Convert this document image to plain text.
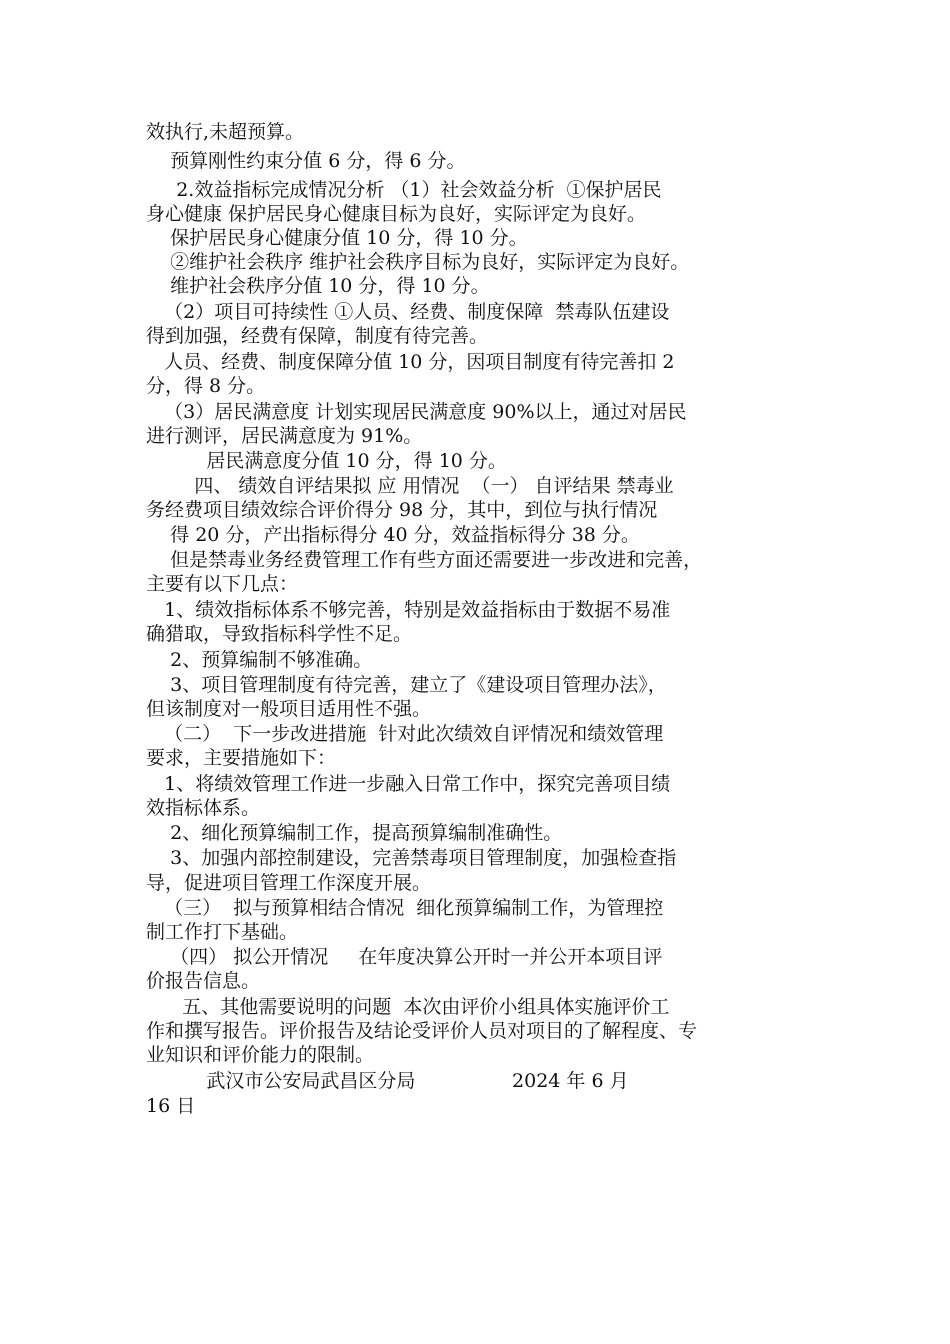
效执行,未超预算。
预算刚性约束分值 6 分，得 6 分。
2.效益指标完成情况分析 （1）社会效益分析  ①保护居民
身心健康 保护居民身心健康目标为良好，实际评定为良好。
保护居民身心健康分值 10 分，得 10 分。
②维护社会秩序 维护社会秩序目标为良好，实际评定为良好。
维护社会秩序分值 10 分，得 10 分。
（2）项目可持续性 ①人员、经费、制度保障  禁毒队伍建设
得到加强，经费有保障，制度有待完善。
人员、经费、制度保障分值 10 分，因项目制度有待完善扣 2
分，得 8 分。
（3）居民满意度 计划实现居民满意度 90%以上，通过对居民
进行测评，居民满意度为 91%。
居民满意度分值 10 分，得 10 分。
四、 绩效自评结果拟 应 用情况  （一） 自评结果 禁毒业
务经费项目绩效综合评价得分 98 分，其中，到位与执行情况
得 20 分，产出指标得分 40 分，效益指标得分 38 分。
但是禁毒业务经费管理工作有些方面还需要进一步改进和完善，
主要有以下几点：
1、绩效指标体系不够完善，特别是效益指标由于数据不易准
确猎取，导致指标科学性不足。
2、预算编制不够准确。
3、项目管理制度有待完善，建立了《建设项目管理办法》，
但该制度对一般项目适用性不强。
（二）  下一步改进措施  针对此次绩效自评情况和绩效管理
要求，主要措施如下：
1、将绩效管理工作进一步融入日常工作中，探究完善项目绩
效指标体系。
2、细化预算编制工作，提高预算编制准确性。
3、加强内部控制建设，完善禁毒项目管理制度，加强检查指
导，促进项目管理工作深度开展。
（三）  拟与预算相结合情况  细化预算编制工作，为管理控
制工作打下基础。
（四） 拟公开情况     在年度决算公开时一并公开本项目评
价报告信息。
五、其他需要说明的问题  本次由评价小组具体实施评价工
作和撰写报告。评价报告及结论受评价人员对项目的了解程度、专
业知识和评价能力的限制。
武汉市公安局武昌区分局                2024 年 6 月
16 日
